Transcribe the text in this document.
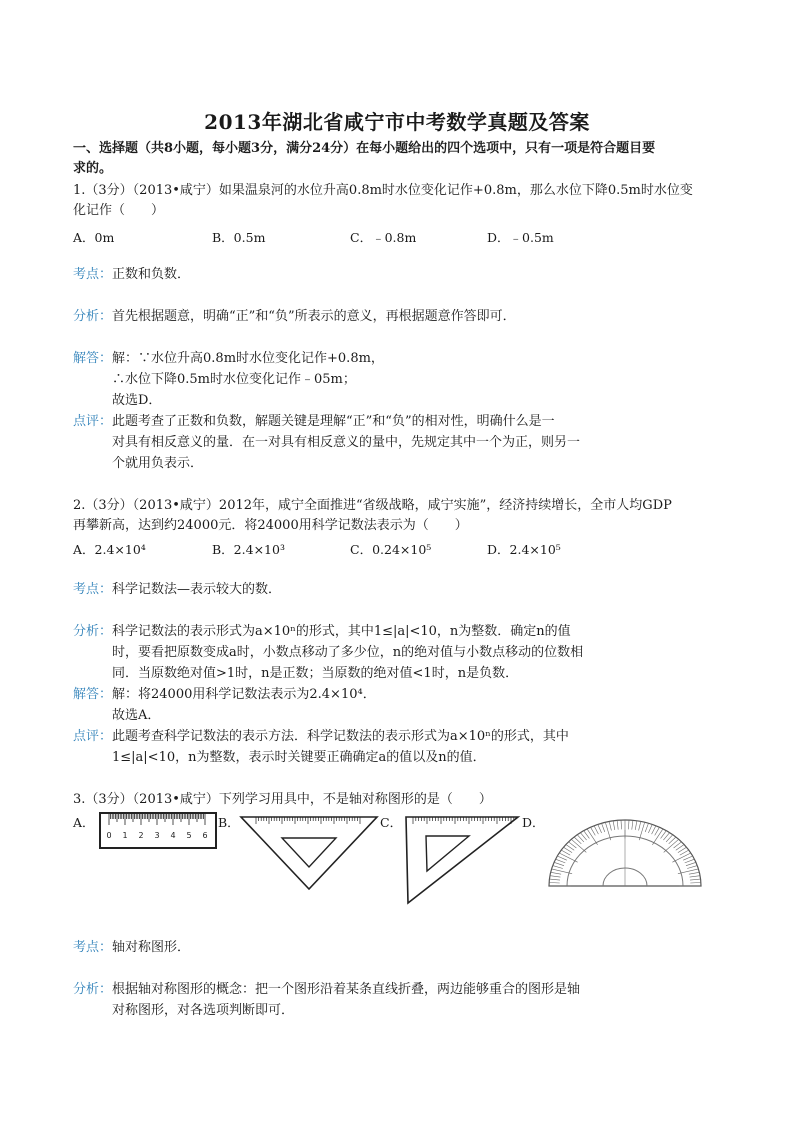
2013年湖北省咸宁市中考数学真题及答案
一、选择题（共8小题，每小题3分，满分24分）在每小题给出的四个选项中，只有一项是符合题目要
求的。
1.（3分）（2013•咸宁）如果温泉河的水位升高0.8m时水位变化记作+0.8m，那么水位下降0.5m时水位变
化记作（　　）
A．0m	B．0.5m	C．﹣0.8m	D．﹣0.5m
考点：正数和负数．
分析：首先根据题意，明确“正”和“负”所表示的意义，再根据题意作答即可．
解答：解：∵水位升高0.8m时水位变化记作+0.8m，
∴水位下降0.5m时水位变化记作﹣05m；
故选D．
点评：此题考查了正数和负数，解题关键是理解“正”和“负”的相对性，明确什么是一
对具有相反意义的量．在一对具有相反意义的量中，先规定其中一个为正，则另一
个就用负表示．
2.（3分）（2013•咸宁）2012年，咸宁全面推进“省级战略，咸宁实施”，经济持续增长，全市人均GDP
再攀新高，达到约24000元．将24000用科学记数法表示为（　　）
A．2.4×10⁴	B．2.4×10³	C．0.24×10⁵	D．2.4×10⁵
考点：科学记数法—表示较大的数．
分析：科学记数法的表示形式为a×10ⁿ的形式，其中1≤|a|<10，n为整数．确定n的值
时，要看把原数变成a时，小数点移动了多少位，n的绝对值与小数点移动的位数相
同．当原数绝对值>1时，n是正数；当原数的绝对值<1时，n是负数．
解答：解：将24000用科学记数法表示为2.4×10⁴．
故选A．
点评：此题考查科学记数法的表示方法．科学记数法的表示形式为a×10ⁿ的形式，其中
1≤|a|<10，n为整数，表示时关键要正确确定a的值以及n的值．
3.（3分）（2013•咸宁）下列学习用具中，不是轴对称图形的是（　　）
A．	B．	C．	D．
0 1 2 3 4 5 6
考点：轴对称图形．
分析：根据轴对称图形的概念：把一个图形沿着某条直线折叠，两边能够重合的图形是轴
对称图形，对各选项判断即可．
